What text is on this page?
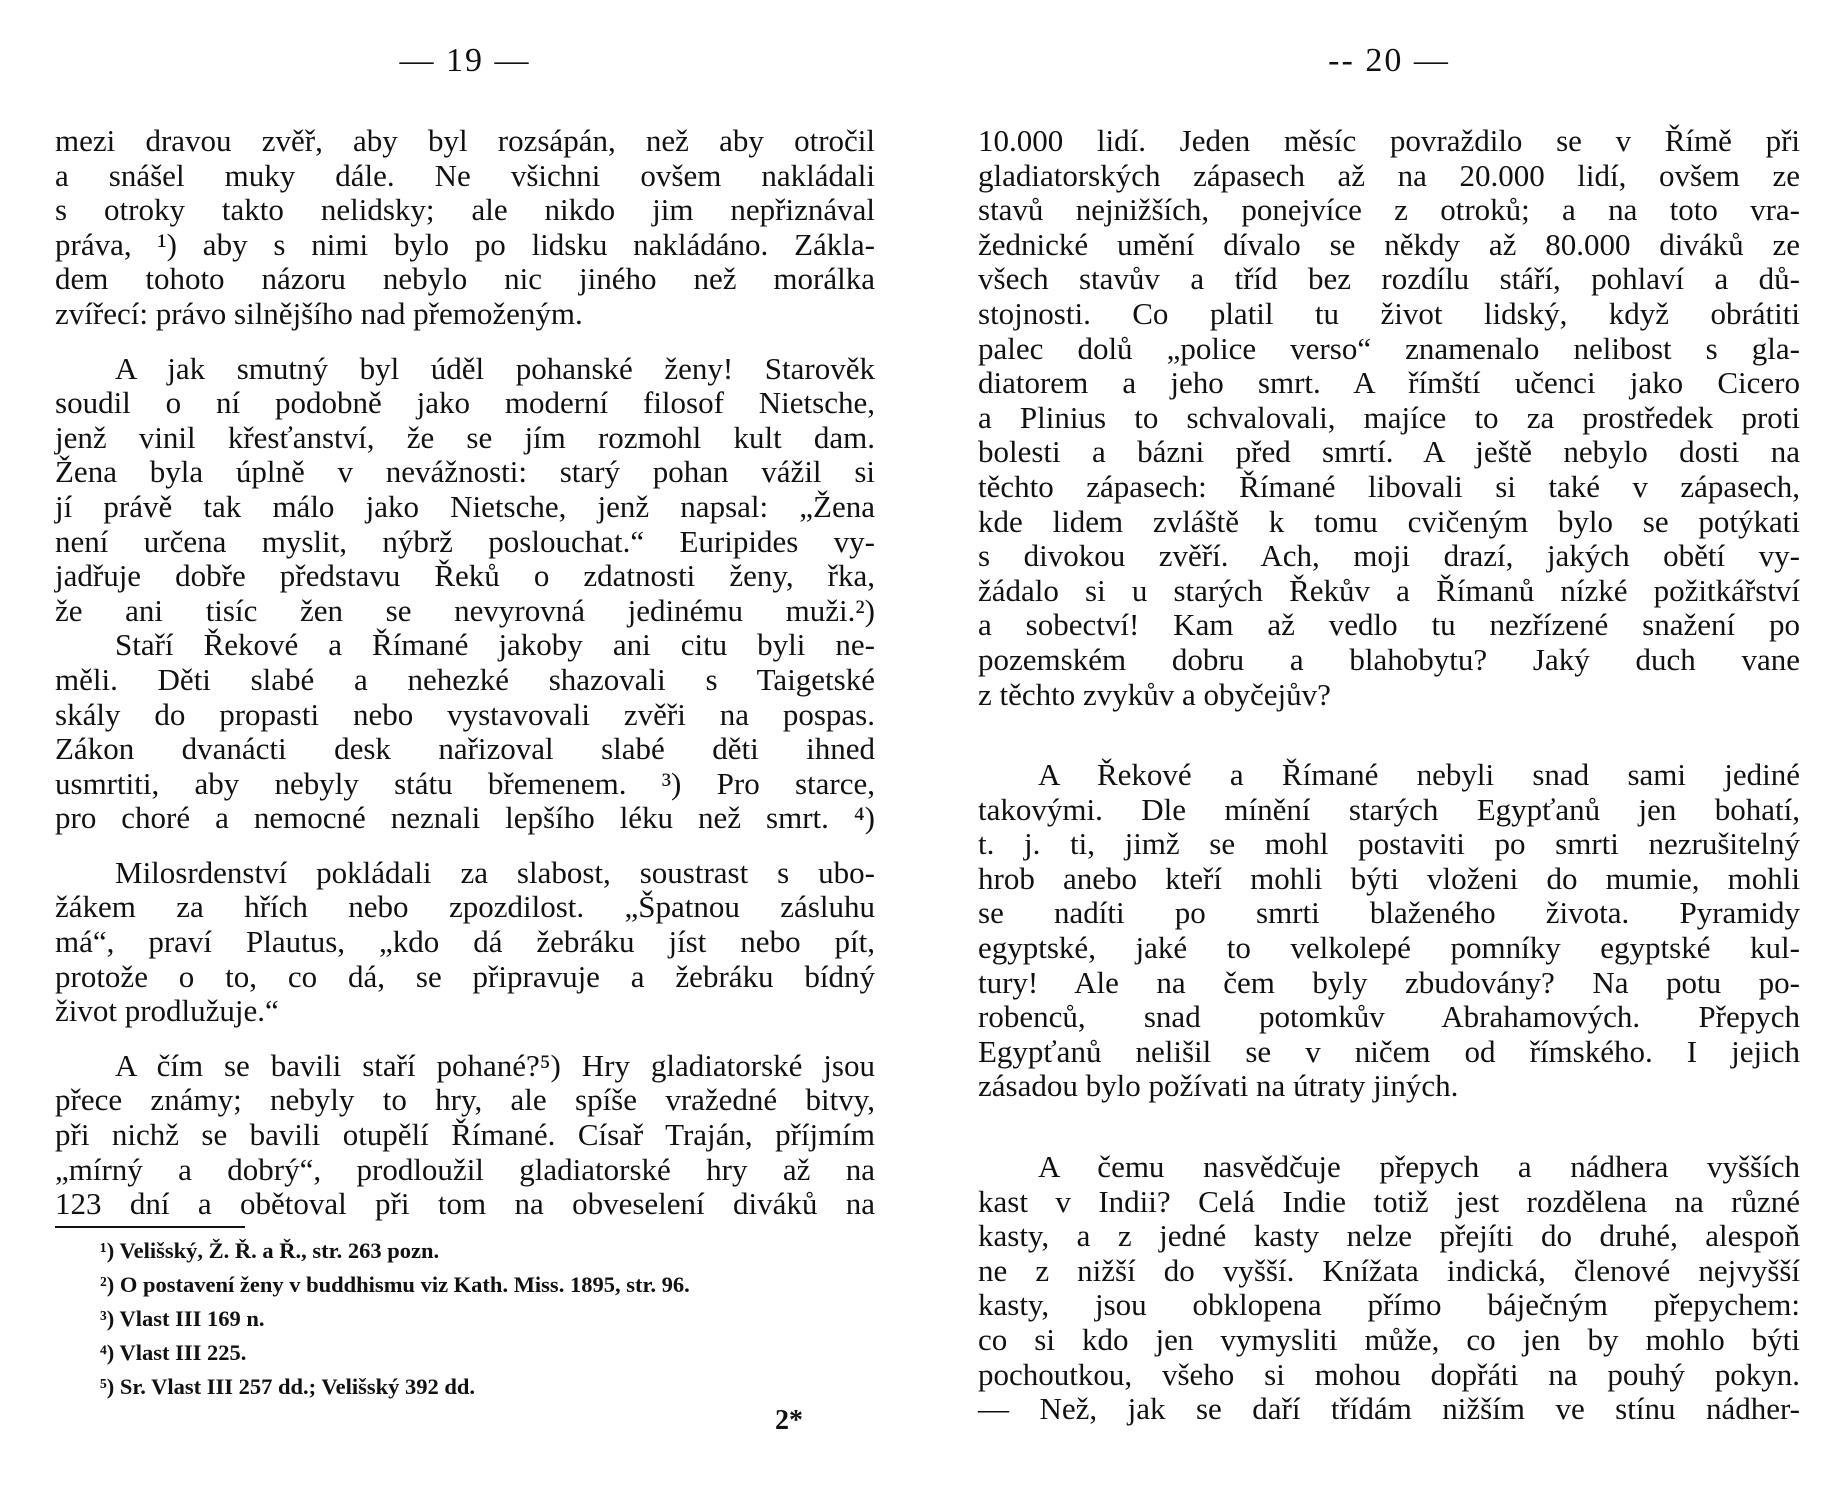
— 19 —
mezi dravou zvěř, aby byl rozsápán, než aby otročil
a snášel muky dále. Ne všichni ovšem nakládali
s otroky takto nelidsky; ale nikdo jim nepřiznával
práva, ¹) aby s nimi bylo po lidsku nakládáno. Zákla-
dem tohoto názoru nebylo nic jiného než morálka
zvířecí: právo silnějšího nad přemoženým.
A jak smutný byl úděl pohanské ženy! Starověk
soudil o ní podobně jako moderní filosof Nietsche,
jenž vinil křesťanství, že se jím rozmohl kult dam.
Žena byla úplně v nevážnosti: starý pohan vážil si
jí právě tak málo jako Nietsche, jenž napsal: „Žena
není určena myslit, nýbrž poslouchat.“ Euripides vy-
jadřuje dobře představu Řeků o zdatnosti ženy, řka,
že ani tisíc žen se nevyrovná jedinému muži.²)
Staří Řekové a Římané jakoby ani citu byli ne-
měli. Děti slabé a nehezké shazovali s Taigetské
skály do propasti nebo vystavovali zvěři na pospas.
Zákon dvanácti desk nařizoval slabé děti ihned
usmrtiti, aby nebyly státu břemenem. ³) Pro starce,
pro choré a nemocné neznali lepšího léku než smrt. ⁴)
Milosrdenství pokládali za slabost, soustrast s ubo-
žákem za hřích nebo zpozdilost. „Špatnou zásluhu
má“, praví Plautus, „kdo dá žebráku jíst nebo pít,
protože o to, co dá, se připravuje a žebráku bídný
život prodlužuje.“
A čím se bavili staří pohané?⁵) Hry gladiatorské jsou
přece známy; nebyly to hry, ale spíše vražedné bitvy,
při nichž se bavili otupělí Římané. Císař Traján, příjmím
„mírný a dobrý“, prodloužil gladiatorské hry až na
123 dní a obětoval při tom na obveselení diváků na
¹) Velišský, Ž. Ř. a Ř., str. 263 pozn.
²) O postavení ženy v buddhismu viz Kath. Miss. 1895, str. 96.
³) Vlast III 169 n.
⁴) Vlast III 225.
⁵) Sr. Vlast III 257 dd.; Velišský 392 dd.
2*
-- 20 —
10.000 lidí. Jeden měsíc povraždilo se v Římě při
gladiatorských zápasech až na 20.000 lidí, ovšem ze
stavů nejnižších, ponejvíce z otroků; a na toto vra-
žednické umění dívalo se někdy až 80.000 diváků ze
všech stavův a tříd bez rozdílu stáří, pohlaví a dů-
stojnosti. Co platil tu život lidský, když obrátiti
palec dolů „police verso“ znamenalo nelibost s gla-
diatorem a jeho smrt. A římští učenci jako Cicero
a Plinius to schvalovali, majíce to za prostředek proti
bolesti a bázni před smrtí. A ještě nebylo dosti na
těchto zápasech: Římané libovali si také v zápasech,
kde lidem zvláště k tomu cvičeným bylo se potýkati
s divokou zvěří. Ach, moji drazí, jakých obětí vy-
žádalo si u starých Řekův a Římanů nízké požitkářství
a sobectví! Kam až vedlo tu nezřízené snažení po
pozemském dobru a blahobytu? Jaký duch vane
z těchto zvykův a obyčejův?
A Řekové a Římané nebyli snad sami jediné
takovými. Dle mínění starých Egypťanů jen bohatí,
t. j. ti, jimž se mohl postaviti po smrti nezrušitelný
hrob anebo kteří mohli býti vloženi do mumie, mohli
se nadíti po smrti blaženého života. Pyramidy
egyptské, jaké to velkolepé pomníky egyptské kul-
tury! Ale na čem byly zbudovány? Na potu po-
robenců, snad potomkův Abrahamových. Přepych
Egypťanů nelišil se v ničem od římského. I jejich
zásadou bylo požívati na útraty jiných.
A čemu nasvědčuje přepych a nádhera vyšších
kast v Indii? Celá Indie totiž jest rozdělena na různé
kasty, a z jedné kasty nelze přejíti do druhé, alespoň
ne z nižší do vyšší. Knížata indická, členové nejvyšší
kasty, jsou obklopena přímo báječným přepychem:
co si kdo jen vymysliti může, co jen by mohlo býti
pochoutkou, všeho si mohou dopřáti na pouhý pokyn.
— Než, jak se daří třídám nižším ve stínu nádher-
